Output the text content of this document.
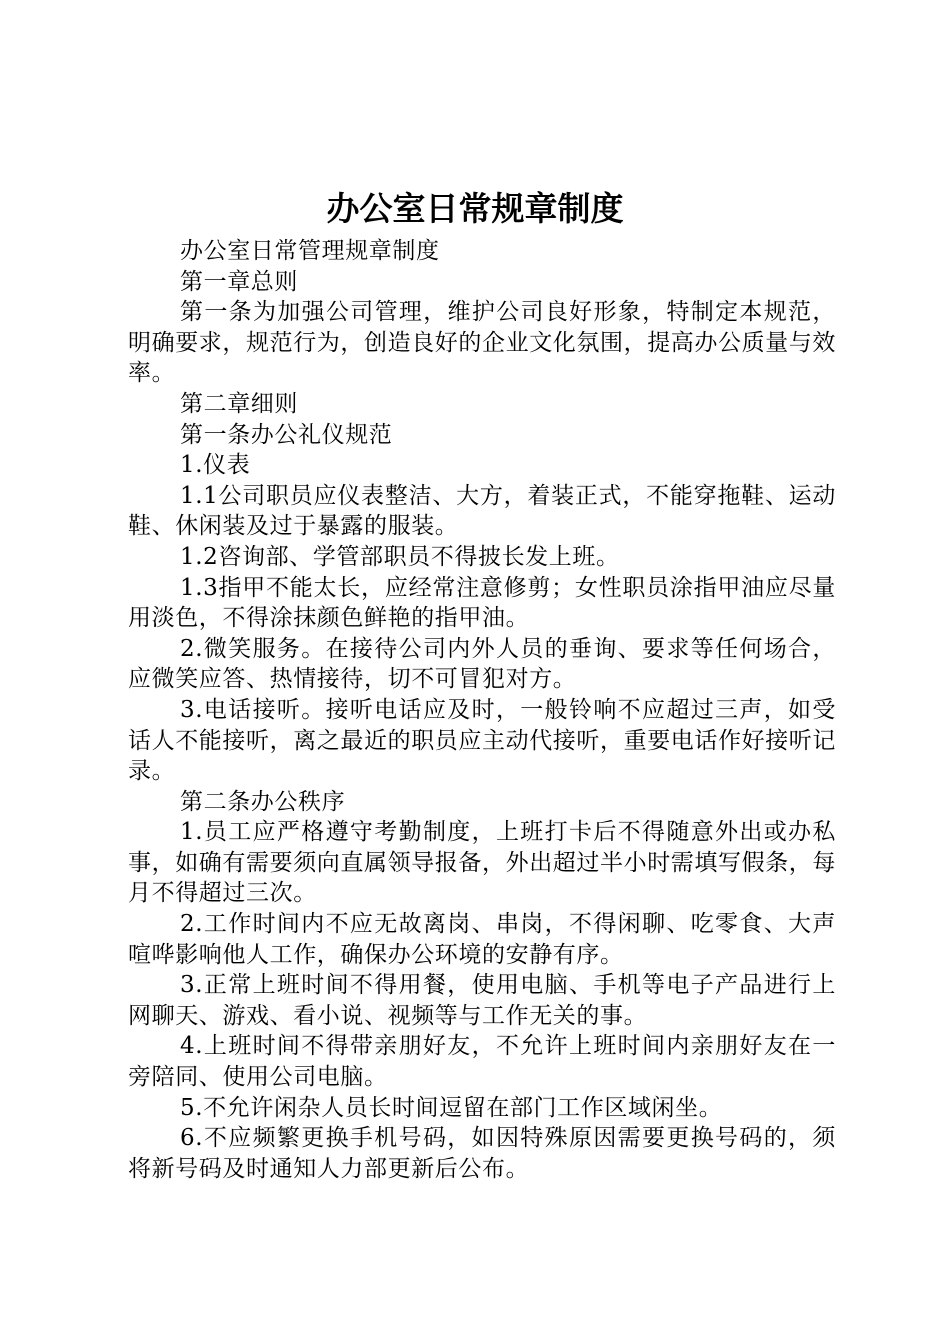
办公室日常规章制度

办公室日常管理规章制度

第一章总则

第一条为加强公司管理，维护公司良好形象，特制定本规范，明确要求，规范行为，创造良好的企业文化氛围，提高办公质量与效率。

第二章细则

第一条办公礼仪规范

1.仪表

1.1公司职员应仪表整洁、大方，着装正式，不能穿拖鞋、运动鞋、休闲装及过于暴露的服装。

1.2咨询部、学管部职员不得披长发上班。

1.3指甲不能太长，应经常注意修剪；女性职员涂指甲油应尽量用淡色，不得涂抹颜色鲜艳的指甲油。

2.微笑服务。在接待公司内外人员的垂询、要求等任何场合，应微笑应答、热情接待，切不可冒犯对方。

3.电话接听。接听电话应及时，一般铃响不应超过三声，如受话人不能接听，离之最近的职员应主动代接听，重要电话作好接听记录。

第二条办公秩序

1.员工应严格遵守考勤制度，上班打卡后不得随意外出或办私事，如确有需要须向直属领导报备，外出超过半小时需填写假条，每月不得超过三次。

2.工作时间内不应无故离岗、串岗，不得闲聊、吃零食、大声喧哗影响他人工作，确保办公环境的安静有序。

3.正常上班时间不得用餐，使用电脑、手机等电子产品进行上网聊天、游戏、看小说、视频等与工作无关的事。

4.上班时间不得带亲朋好友，不允许上班时间内亲朋好友在一旁陪同、使用公司电脑。

5.不允许闲杂人员长时间逗留在部门工作区域闲坐。

6.不应频繁更换手机号码，如因特殊原因需要更换号码的，须将新号码及时通知人力部更新后公布。
